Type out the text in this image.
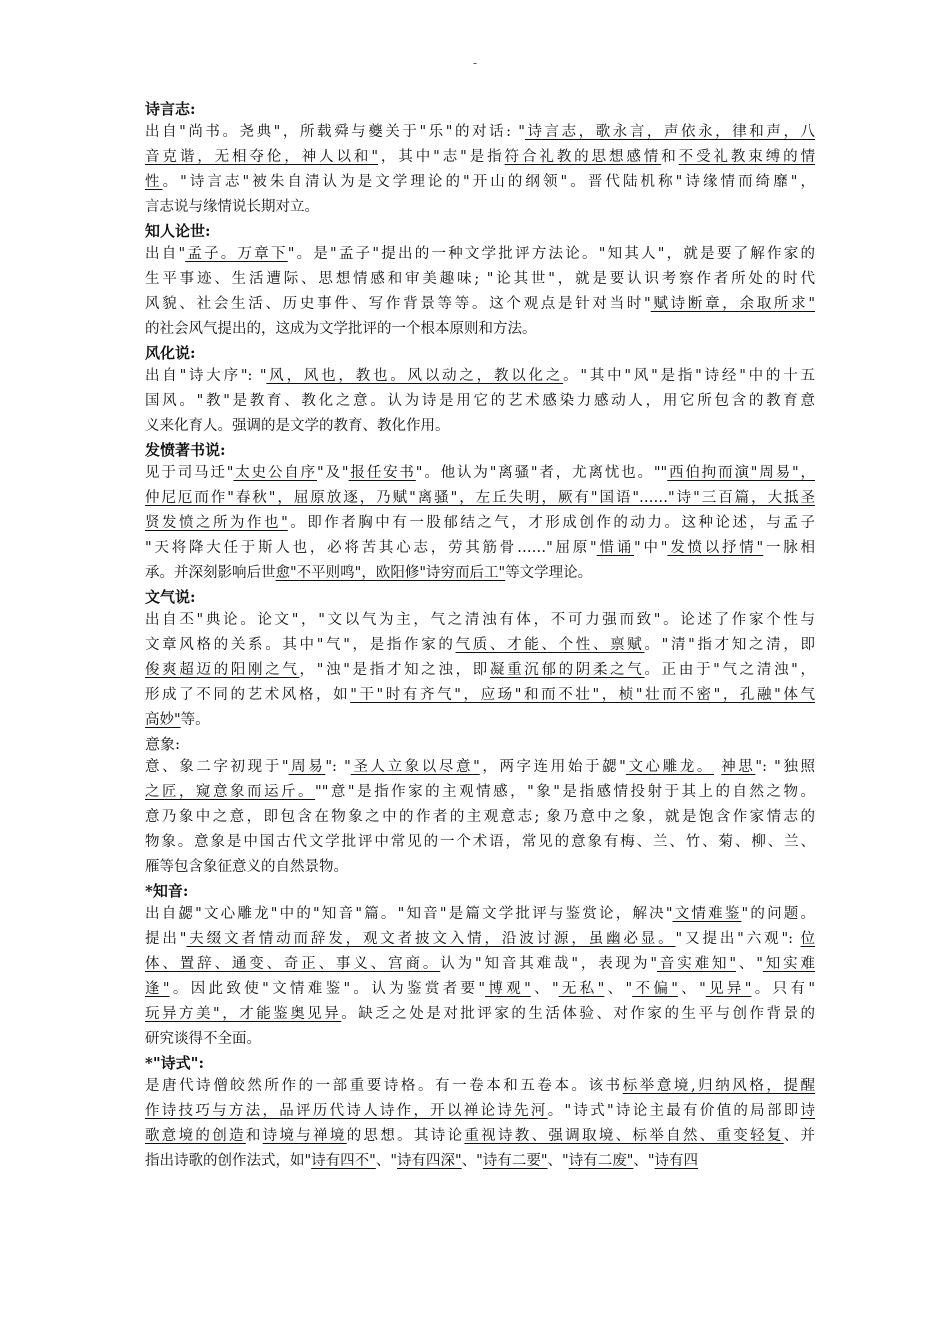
-
诗言志:
出自"尚书。尧典"，所载舜与夔关于"乐"的对话: "诗言志，歌永言，声依永，律和声，八
音克谐，无相夺伦，神人以和"，其中"志"是指符合礼教的思想感情和不受礼教束缚的情
性。"诗言志"被朱自清认为是文学理论的"开山的纲领"。晋代陆机称"诗缘情而绮靡"，
言志说与缘情说长期对立。
知人论世:
出自"孟子。万章下"。是"孟子"提出的一种文学批评方法论。"知其人"，就是要了解作家的
生平事迹、生活遭际、思想情感和审美趣味; "论其世"，就是要认识考察作者所处的时代
风貌、社会生活、历史事件、写作背景等等。这个观点是针对当时"赋诗断章，余取所求"
的社会风气提出的，这成为文学批评的一个根本原则和方法。
风化说:
出自"诗大序": "风，风也，教也。风以动之，教以化之。"其中"风"是指"诗经"中的十五
国风。"教"是教育、教化之意。认为诗是用它的艺术感染力感动人，用它所包含的教育意
义来化育人。强调的是文学的教育、教化作用。
发愤著书说:
见于司马迁"太史公自序"及"报任安书"。他认为"离骚"者，尤离忧也。""西伯拘而演"周易"，
仲尼厄而作"春秋"，屈原放逐，乃赋"离骚"，左丘失明，厥有"国语"……"诗"三百篇，大抵圣
贤发愤之所为作也"。即作者胸中有一股郁结之气，才形成创作的动力。这种论述，与孟子
"天将降大任于斯人也，必将苦其心志，劳其筋骨……"屈原"惜诵"中"发愤以抒情"一脉相
承。并深刻影响后世愈"不平则鸣"，欧阳修"诗穷而后工"等文学理论。
文气说:
出自丕"典论。论文"，"文以气为主，气之清浊有体，不可力强而致"。论述了作家个性与
文章风格的关系。其中"气"，是指作家的气质、才能、个性、禀赋。"清"指才知之清，即
俊爽超迈的阳刚之气，"浊"是指才知之浊，即凝重沉郁的阴柔之气。正由于"气之清浊"，
形成了不同的艺术风格，如"干"时有齐气"，应玚"和而不壮"，桢"壮而不密"，孔融"体气
高妙"等。
意象:
意、象二字初现于"周易": "圣人立象以尽意"，两字连用始于勰"文心雕龙。 神思": "独照
之匠，窥意象而运斤。""意"是指作家的主观情感，"象"是指感情投射于其上的自然之物。
意乃象中之意，即包含在物象之中的作者的主观意志; 象乃意中之象，就是饱含作家情志的
物象。意象是中国古代文学批评中常见的一个术语，常见的意象有梅、兰、竹、菊、柳、兰、
雁等包含象征意义的自然景物。
*知音:
出自勰"文心雕龙"中的"知音"篇。"知音"是篇文学批评与鉴赏论，解决"文情难鉴"的问题。
提出"夫缀文者情动而辞发，观文者披文入情，沿波讨源，虽幽必显。"又提出"六观": 位
体、置辞、通变、奇正、事义、宫商。认为"知音其难哉"，表现为"音实难知"、"知实难
逢"。因此致使"文情难鉴"。认为鉴赏者要"博观"、"无私"、"不偏"、"见异"。只有"
玩异方美"，才能鉴奥见异。缺乏之处是对批评家的生活体验、对作家的生平与创作背景的
研究谈得不全面。
*"诗式":
是唐代诗僧皎然所作的一部重要诗格。有一卷本和五卷本。该书标举意境,归纳风格，提醒
作诗技巧与方法，品评历代诗人诗作，开以禅论诗先河。"诗式"诗论主最有价值的局部即诗
歌意境的创造和诗境与禅境的思想。其诗论重视诗教、强调取境、标举自然、重变轻复、并
指出诗歌的创作法式，如"诗有四不"、"诗有四深"、"诗有二要"、"诗有二废"、"诗有四
